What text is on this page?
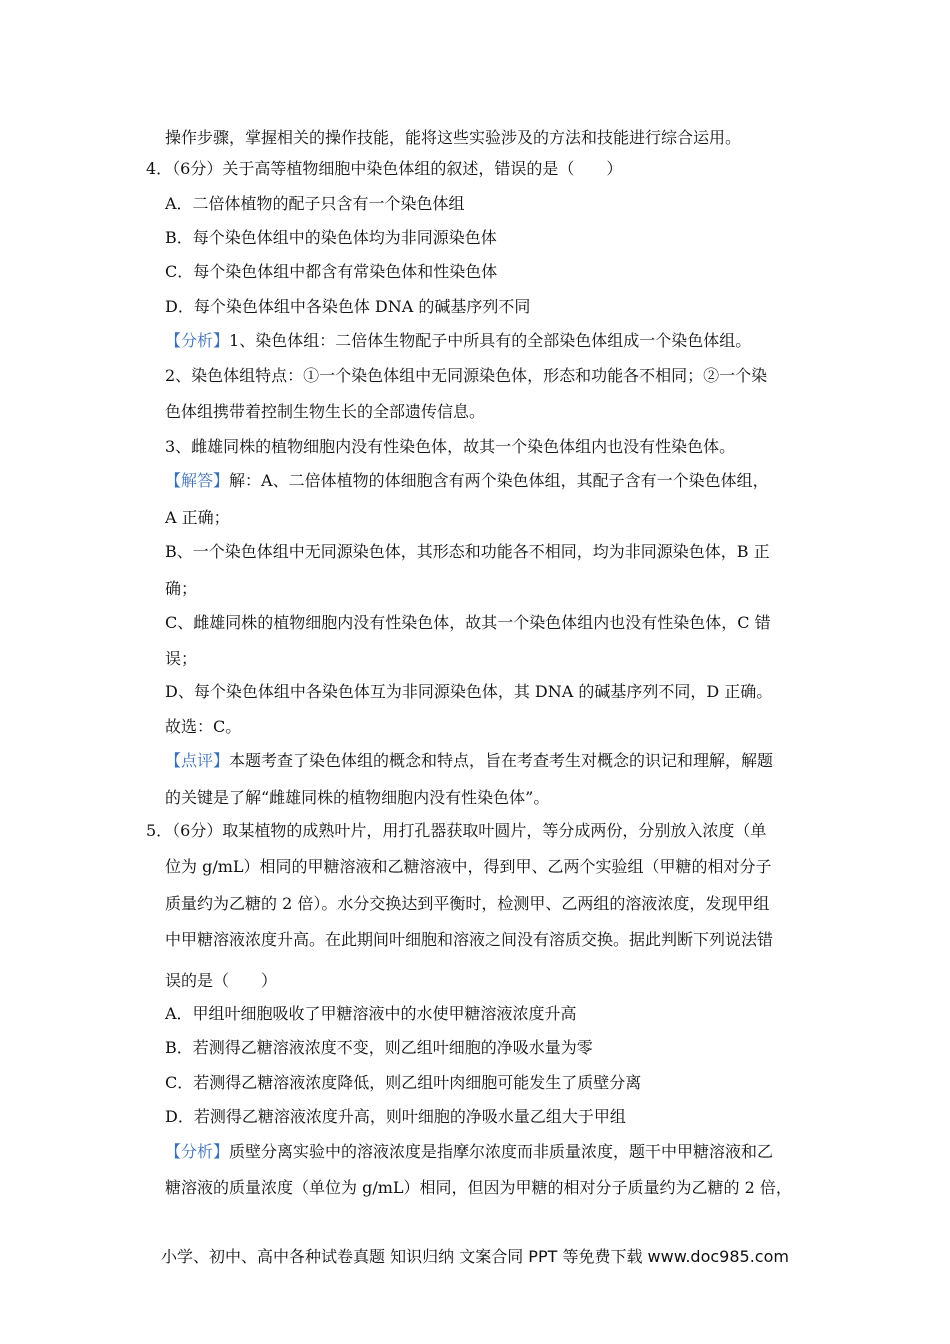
操作步骤，掌握相关的操作技能，能将这些实验涉及的方法和技能进行综合运用。
4．（6分）关于高等植物细胞中染色体组的叙述，错误的是（　　）
A．二倍体植物的配子只含有一个染色体组
B．每个染色体组中的染色体均为非同源染色体
C．每个染色体组中都含有常染色体和性染色体
D．每个染色体组中各染色体 DNA 的碱基序列不同
【分析】1、染色体组：二倍体生物配子中所具有的全部染色体组成一个染色体组。
2、染色体组特点：①一个染色体组中无同源染色体，形态和功能各不相同；②一个染
色体组携带着控制生物生长的全部遗传信息。
3、雌雄同株的植物细胞内没有性染色体，故其一个染色体组内也没有性染色体。
【解答】解：A、二倍体植物的体细胞含有两个染色体组，其配子含有一个染色体组，
A 正确；
B、一个染色体组中无同源染色体，其形态和功能各不相同，均为非同源染色体，B 正
确；
C、雌雄同株的植物细胞内没有性染色体，故其一个染色体组内也没有性染色体，C 错
误；
D、每个染色体组中各染色体互为非同源染色体，其 DNA 的碱基序列不同，D 正确。
故选：C。
【点评】本题考查了染色体组的概念和特点，旨在考查考生对概念的识记和理解，解题
的关键是了解“雌雄同株的植物细胞内没有性染色体”。
5．（6分）取某植物的成熟叶片，用打孔器获取叶圆片，等分成两份，分别放入浓度（单
位为 g/mL）相同的甲糖溶液和乙糖溶液中，得到甲、乙两个实验组（甲糖的相对分子
质量约为乙糖的 2 倍）。水分交换达到平衡时，检测甲、乙两组的溶液浓度，发现甲组
中甲糖溶液浓度升高。在此期间叶细胞和溶液之间没有溶质交换。据此判断下列说法错
误的是（　　）
A．甲组叶细胞吸收了甲糖溶液中的水使甲糖溶液浓度升高
B．若测得乙糖溶液浓度不变，则乙组叶细胞的净吸水量为零
C．若测得乙糖溶液浓度降低，则乙组叶肉细胞可能发生了质壁分离
D．若测得乙糖溶液浓度升高，则叶细胞的净吸水量乙组大于甲组
【分析】质壁分离实验中的溶液浓度是指摩尔浓度而非质量浓度，题干中甲糖溶液和乙
糖溶液的质量浓度（单位为 g/mL）相同，但因为甲糖的相对分子质量约为乙糖的 2 倍，
小学、初中、高中各种试卷真题 知识归纳 文案合同 PPT 等免费下载 www.doc985.com
